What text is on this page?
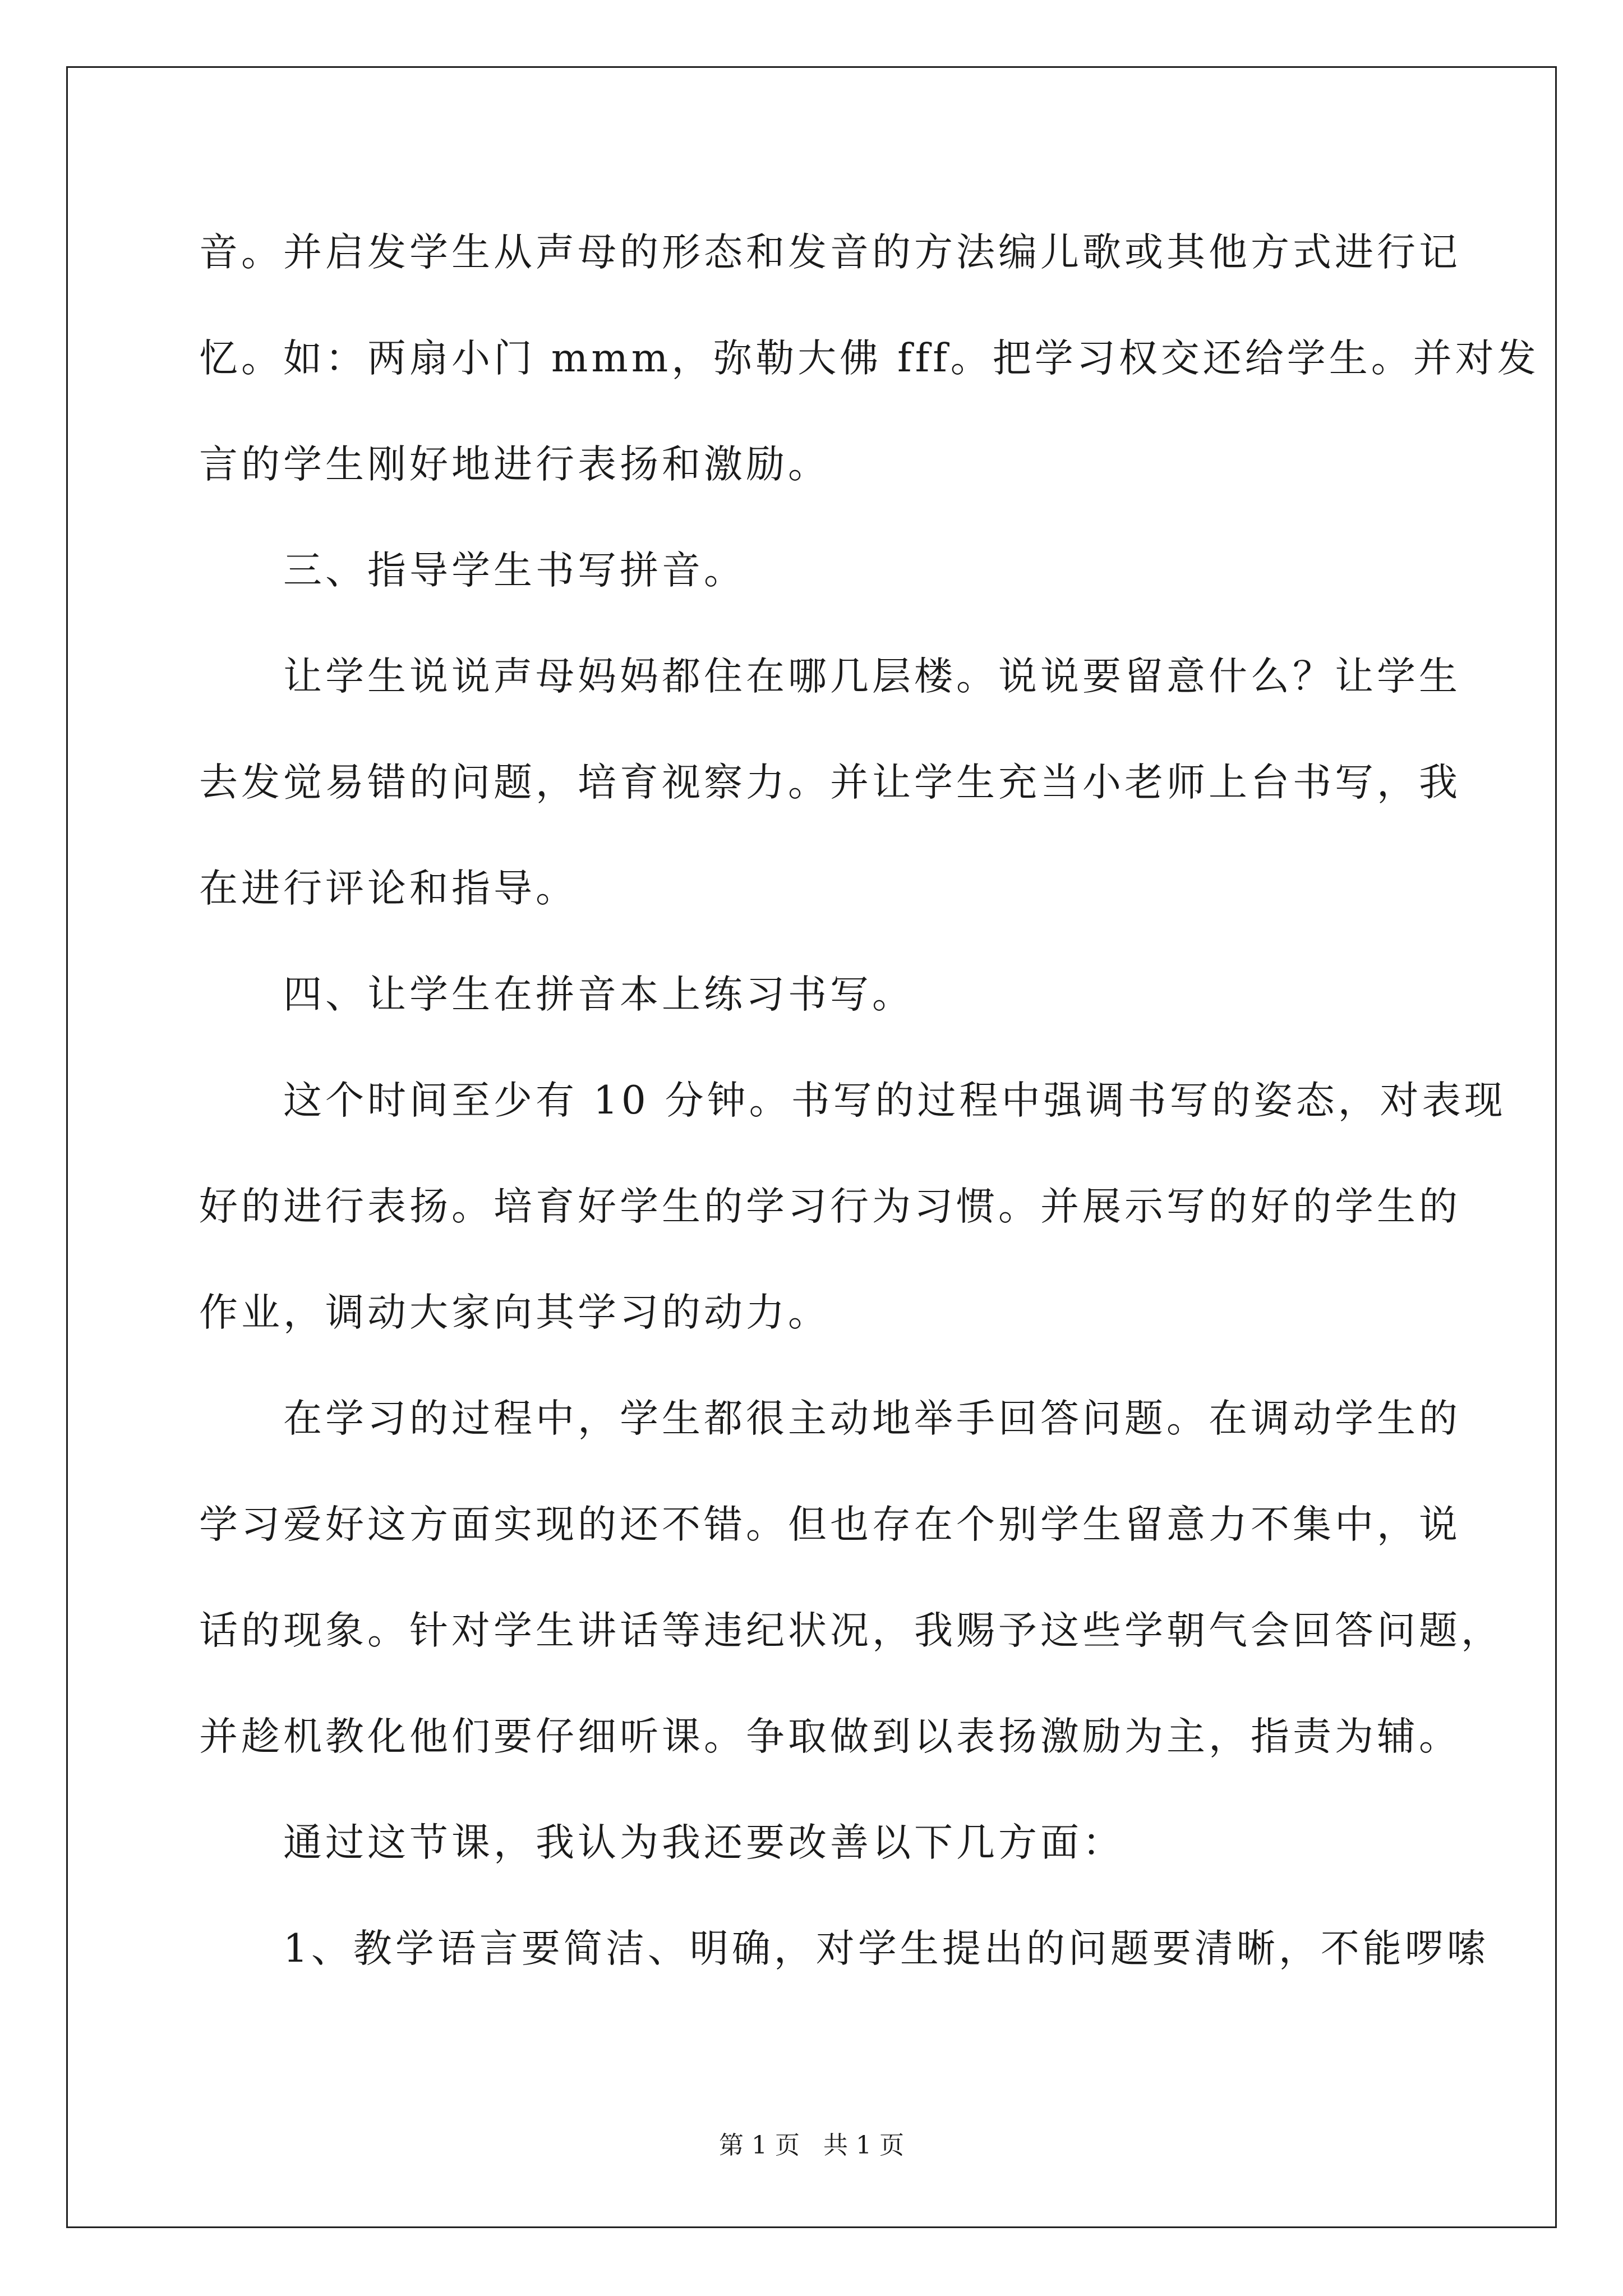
音。并启发学生从声母的形态和发音的方法编儿歌或其他方式进行记
忆。如：两扇小门 mmm，弥勒大佛 fff。把学习权交还给学生。并对发
言的学生刚好地进行表扬和激励。
三、指导学生书写拼音。
让学生说说声母妈妈都住在哪几层楼。说说要留意什么？让学生
去发觉易错的问题，培育视察力。并让学生充当小老师上台书写，我
在进行评论和指导。
四、让学生在拼音本上练习书写。
这个时间至少有 10 分钟。书写的过程中强调书写的姿态，对表现
好的进行表扬。培育好学生的学习行为习惯。并展示写的好的学生的
作业，调动大家向其学习的动力。
在学习的过程中，学生都很主动地举手回答问题。在调动学生的
学习爱好这方面实现的还不错。但也存在个别学生留意力不集中，说
话的现象。针对学生讲话等违纪状况，我赐予这些学朝气会回答问题，
并趁机教化他们要仔细听课。争取做到以表扬激励为主，指责为辅。
通过这节课，我认为我还要改善以下几方面：
1、教学语言要简洁、明确，对学生提出的问题要清晰，不能啰嗦
第 1 页   共 1 页
